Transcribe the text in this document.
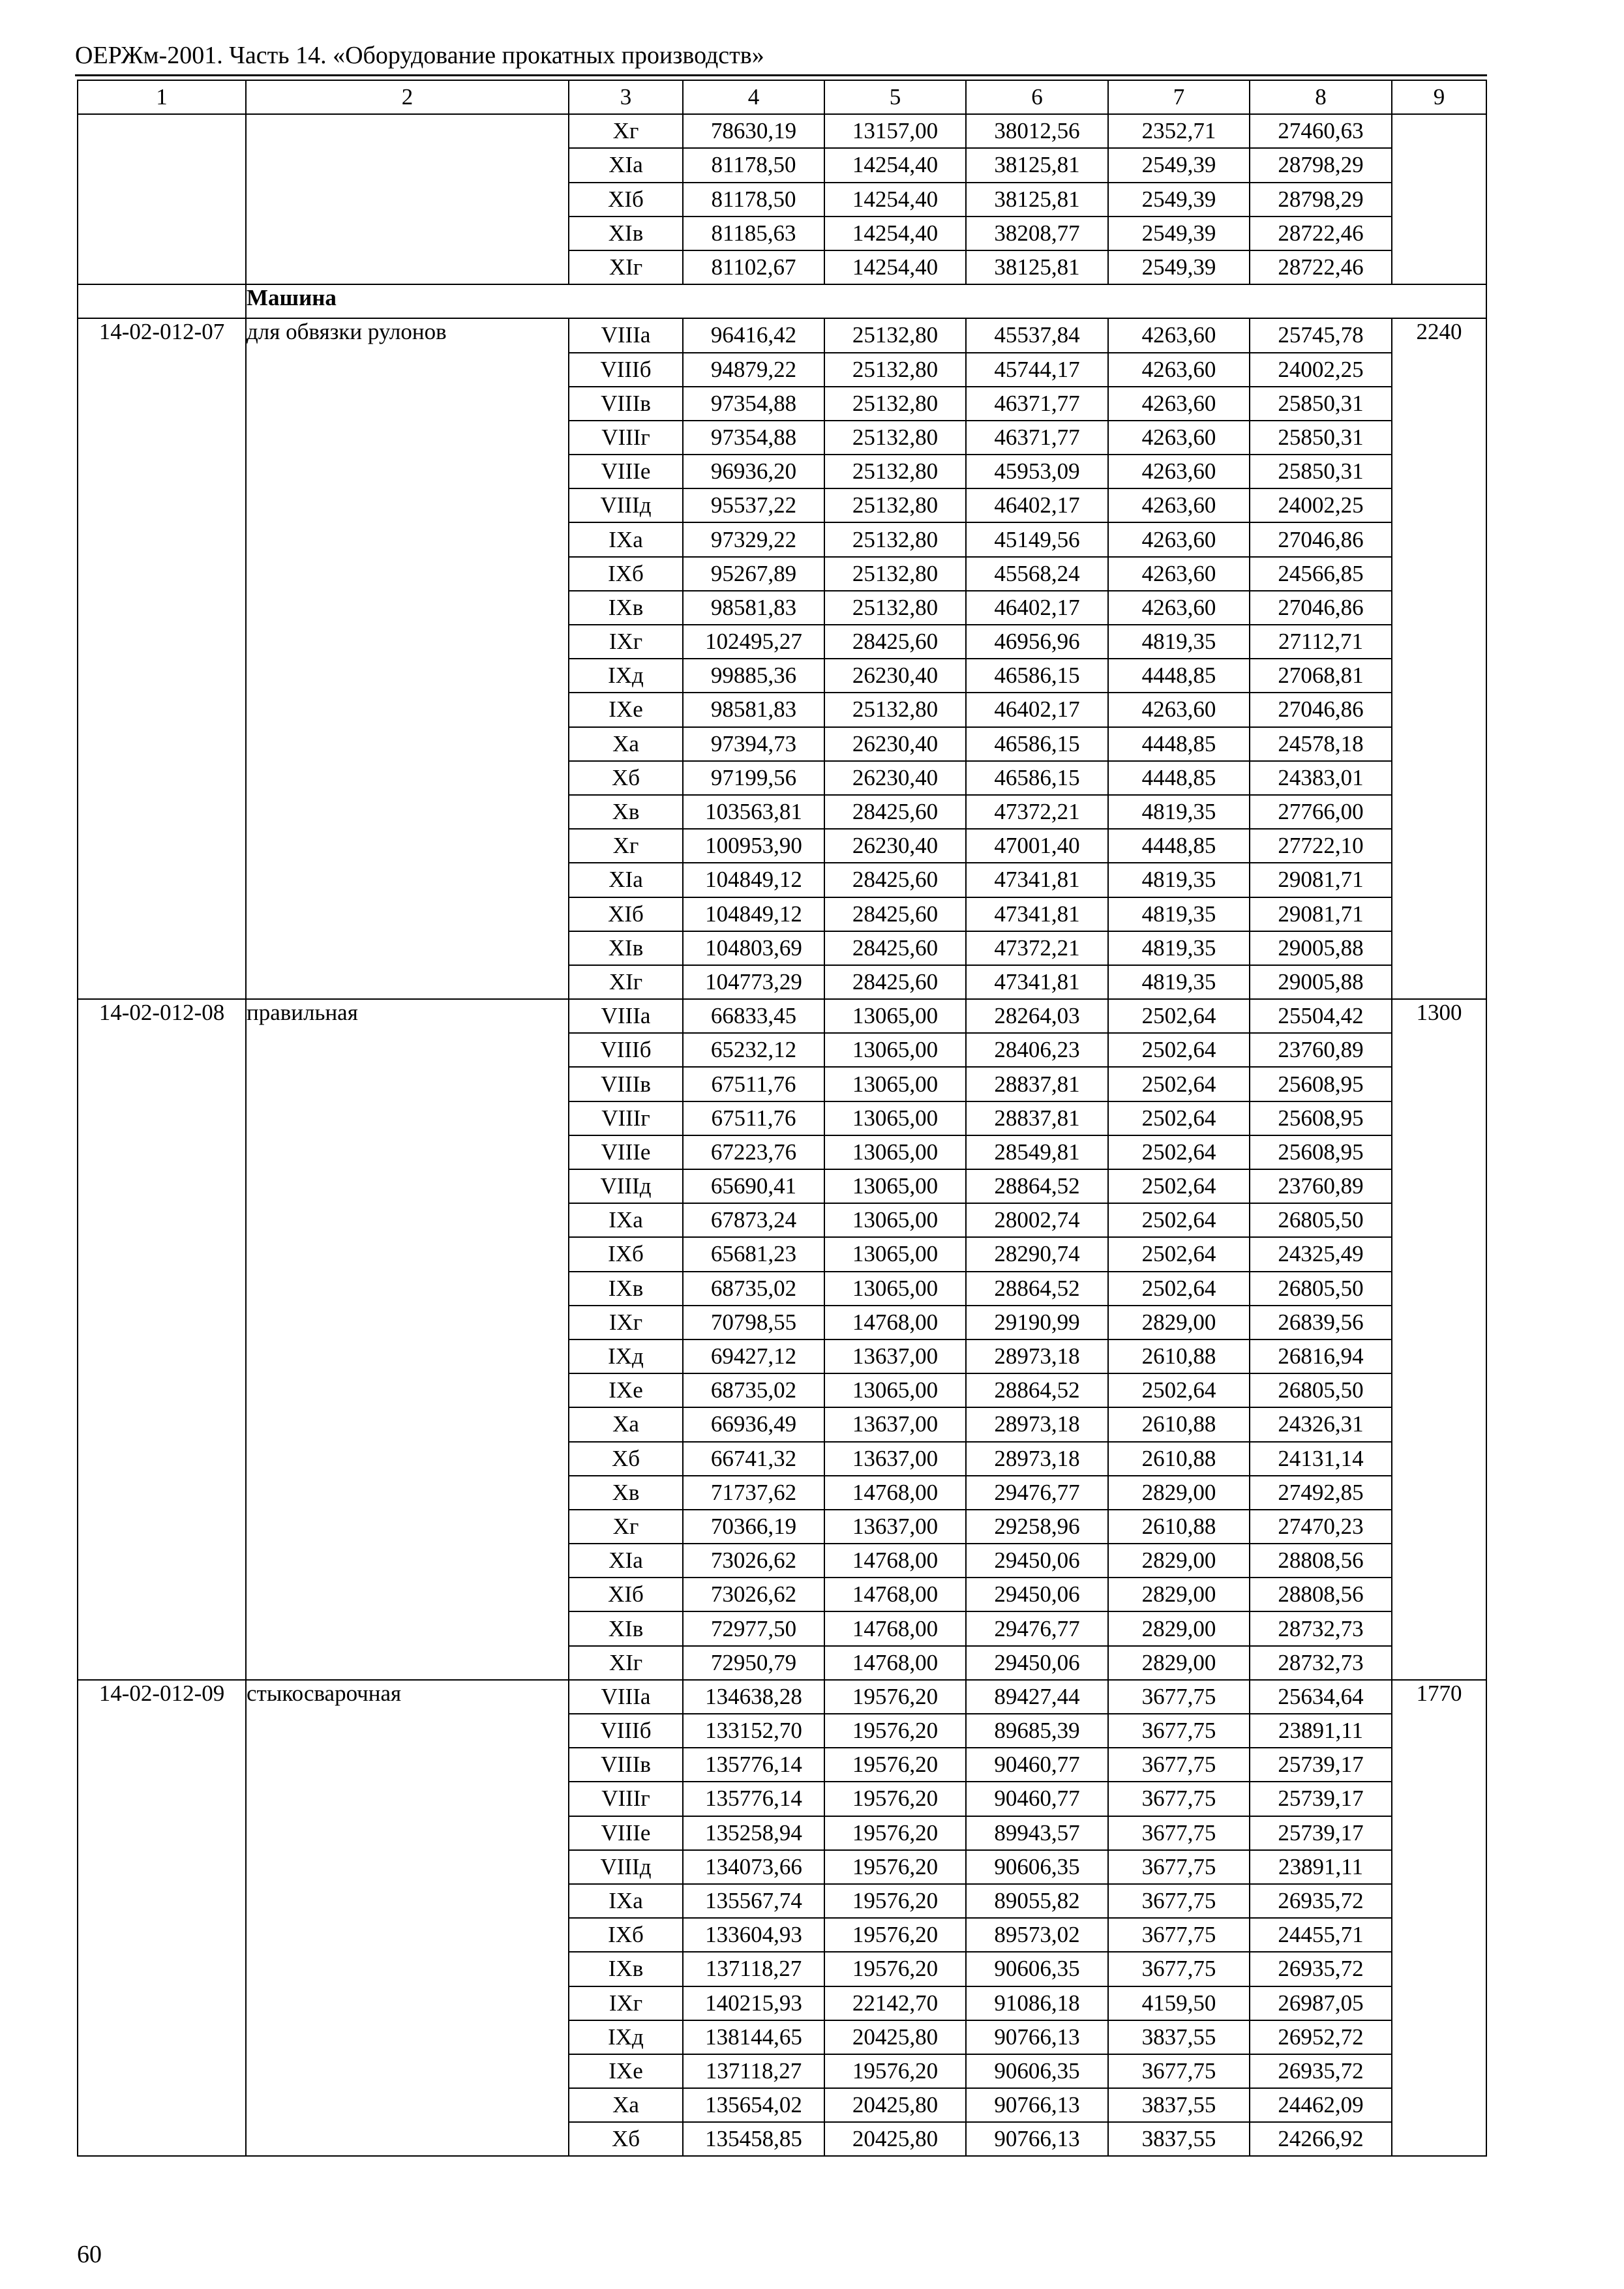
ОЕРЖм-2001. Часть 14. «Оборудование прокатных производств»
1	2	3	4	5	6	7	8	9
		Xг	78630,19	13157,00	38012,56	2352,71	27460,63	
		XIа	81178,50	14254,40	38125,81	2549,39	28798,29	
		XIб	81178,50	14254,40	38125,81	2549,39	28798,29	
		XIв	81185,63	14254,40	38208,77	2549,39	28722,46	
		XIг	81102,67	14254,40	38125,81	2549,39	28722,46	
	Машина							
14-02-012-07	для обвязки рулонов	VIIIа	96416,42	25132,80	45537,84	4263,60	25745,78	2240
		VIIIб	94879,22	25132,80	45744,17	4263,60	24002,25	
		VIIIв	97354,88	25132,80	46371,77	4263,60	25850,31	
		VIIIг	97354,88	25132,80	46371,77	4263,60	25850,31	
		VIIIе	96936,20	25132,80	45953,09	4263,60	25850,31	
		VIIIд	95537,22	25132,80	46402,17	4263,60	24002,25	
		IXа	97329,22	25132,80	45149,56	4263,60	27046,86	
		IXб	95267,89	25132,80	45568,24	4263,60	24566,85	
		IXв	98581,83	25132,80	46402,17	4263,60	27046,86	
		IXг	102495,27	28425,60	46956,96	4819,35	27112,71	
		IXд	99885,36	26230,40	46586,15	4448,85	27068,81	
		IXе	98581,83	25132,80	46402,17	4263,60	27046,86	
		Xа	97394,73	26230,40	46586,15	4448,85	24578,18	
		Xб	97199,56	26230,40	46586,15	4448,85	24383,01	
		Xв	103563,81	28425,60	47372,21	4819,35	27766,00	
		Xг	100953,90	26230,40	47001,40	4448,85	27722,10	
		XIа	104849,12	28425,60	47341,81	4819,35	29081,71	
		XIб	104849,12	28425,60	47341,81	4819,35	29081,71	
		XIв	104803,69	28425,60	47372,21	4819,35	29005,88	
		XIг	104773,29	28425,60	47341,81	4819,35	29005,88	
14-02-012-08	правильная	VIIIа	66833,45	13065,00	28264,03	2502,64	25504,42	1300
		VIIIб	65232,12	13065,00	28406,23	2502,64	23760,89	
		VIIIв	67511,76	13065,00	28837,81	2502,64	25608,95	
		VIIIг	67511,76	13065,00	28837,81	2502,64	25608,95	
		VIIIе	67223,76	13065,00	28549,81	2502,64	25608,95	
		VIIIд	65690,41	13065,00	28864,52	2502,64	23760,89	
		IXа	67873,24	13065,00	28002,74	2502,64	26805,50	
		IXб	65681,23	13065,00	28290,74	2502,64	24325,49	
		IXв	68735,02	13065,00	28864,52	2502,64	26805,50	
		IXг	70798,55	14768,00	29190,99	2829,00	26839,56	
		IXд	69427,12	13637,00	28973,18	2610,88	26816,94	
		IXе	68735,02	13065,00	28864,52	2502,64	26805,50	
		Xа	66936,49	13637,00	28973,18	2610,88	24326,31	
		Xб	66741,32	13637,00	28973,18	2610,88	24131,14	
		Xв	71737,62	14768,00	29476,77	2829,00	27492,85	
		Xг	70366,19	13637,00	29258,96	2610,88	27470,23	
		XIа	73026,62	14768,00	29450,06	2829,00	28808,56	
		XIб	73026,62	14768,00	29450,06	2829,00	28808,56	
		XIв	72977,50	14768,00	29476,77	2829,00	28732,73	
		XIг	72950,79	14768,00	29450,06	2829,00	28732,73	
14-02-012-09	стыкосварочная	VIIIа	134638,28	19576,20	89427,44	3677,75	25634,64	1770
		VIIIб	133152,70	19576,20	89685,39	3677,75	23891,11	
		VIIIв	135776,14	19576,20	90460,77	3677,75	25739,17	
		VIIIг	135776,14	19576,20	90460,77	3677,75	25739,17	
		VIIIе	135258,94	19576,20	89943,57	3677,75	25739,17	
		VIIIд	134073,66	19576,20	90606,35	3677,75	23891,11	
		IXа	135567,74	19576,20	89055,82	3677,75	26935,72	
		IXб	133604,93	19576,20	89573,02	3677,75	24455,71	
		IXв	137118,27	19576,20	90606,35	3677,75	26935,72	
		IXг	140215,93	22142,70	91086,18	4159,50	26987,05	
		IXд	138144,65	20425,80	90766,13	3837,55	26952,72	
		IXе	137118,27	19576,20	90606,35	3677,75	26935,72	
		Xа	135654,02	20425,80	90766,13	3837,55	24462,09	
		Xб	135458,85	20425,80	90766,13	3837,55	24266,92	
60
